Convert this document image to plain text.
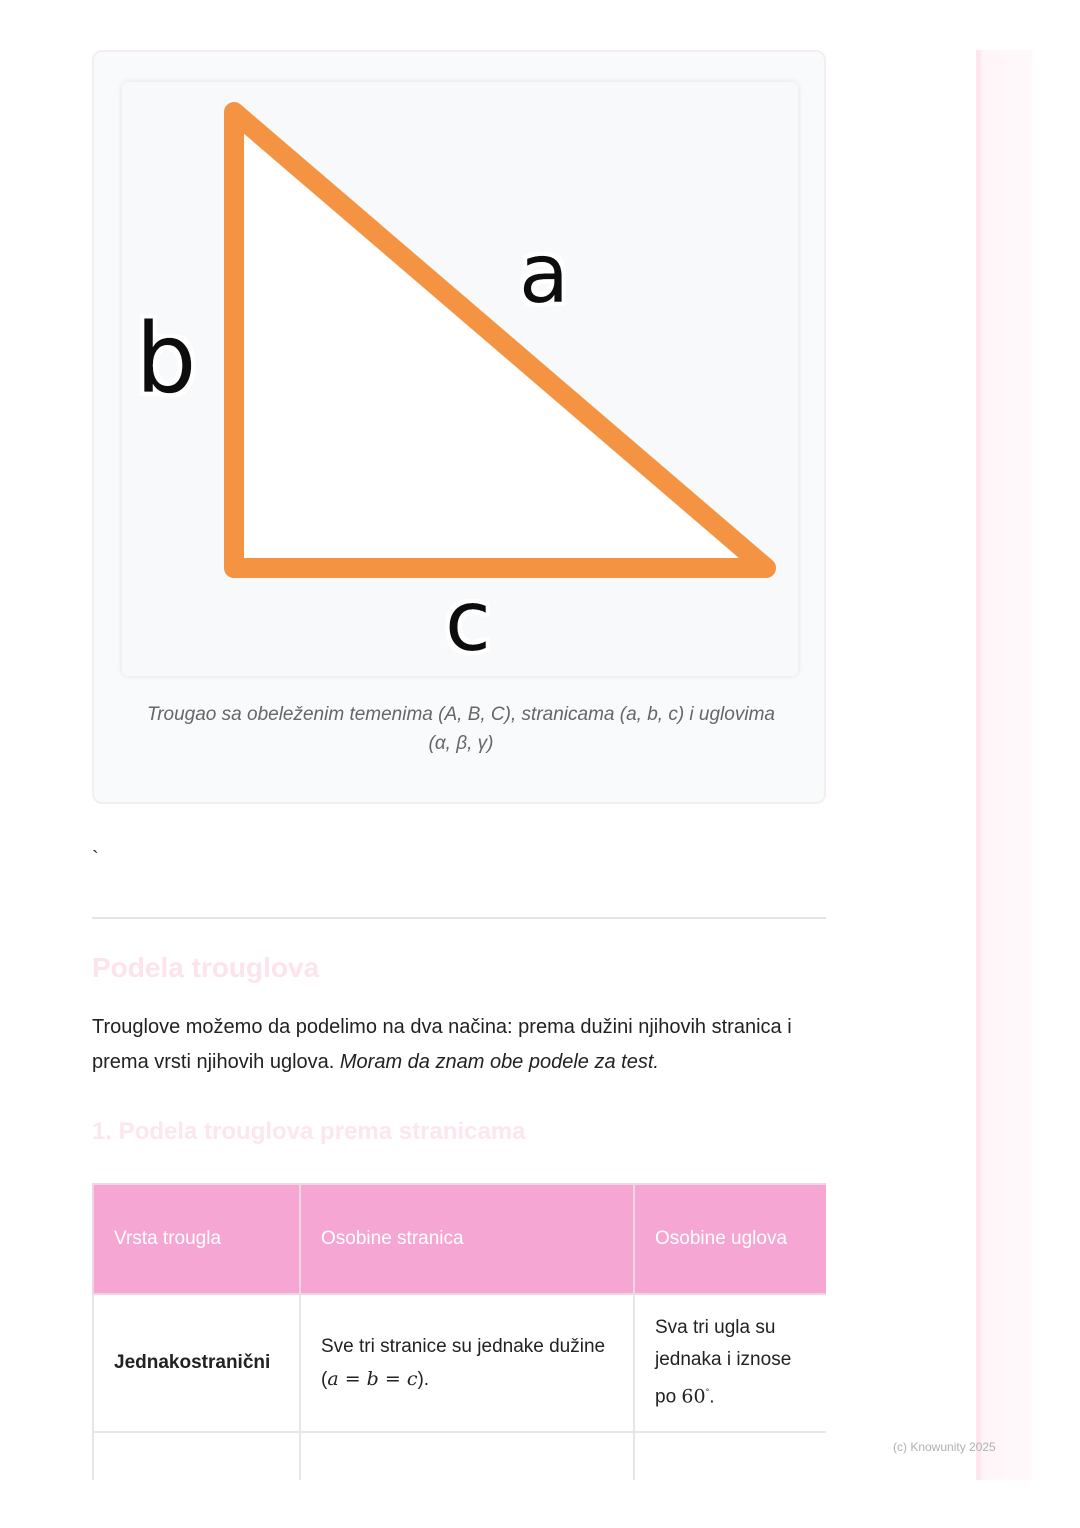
a
b
c
Trougao sa obeleženim temenima (A, B, C), stranicama (a, b, c) i uglovima
(α, β, γ)
`
Podela trouglova
Trouglove možemo da podelimo na dva načina: prema dužini njihovih stranica i prema vrsti njihovih uglova. Moram da znam obe podele za test.
1. Podela trouglova prema stranicama
Vrsta trougla	Osobine stranica	Osobine uglova
Jednakostranični	Sve tri stranice su jednake dužine (a = b = c).	Sva tri ugla su jednaka i iznose po 60°.

(c) Knowunity 2025
